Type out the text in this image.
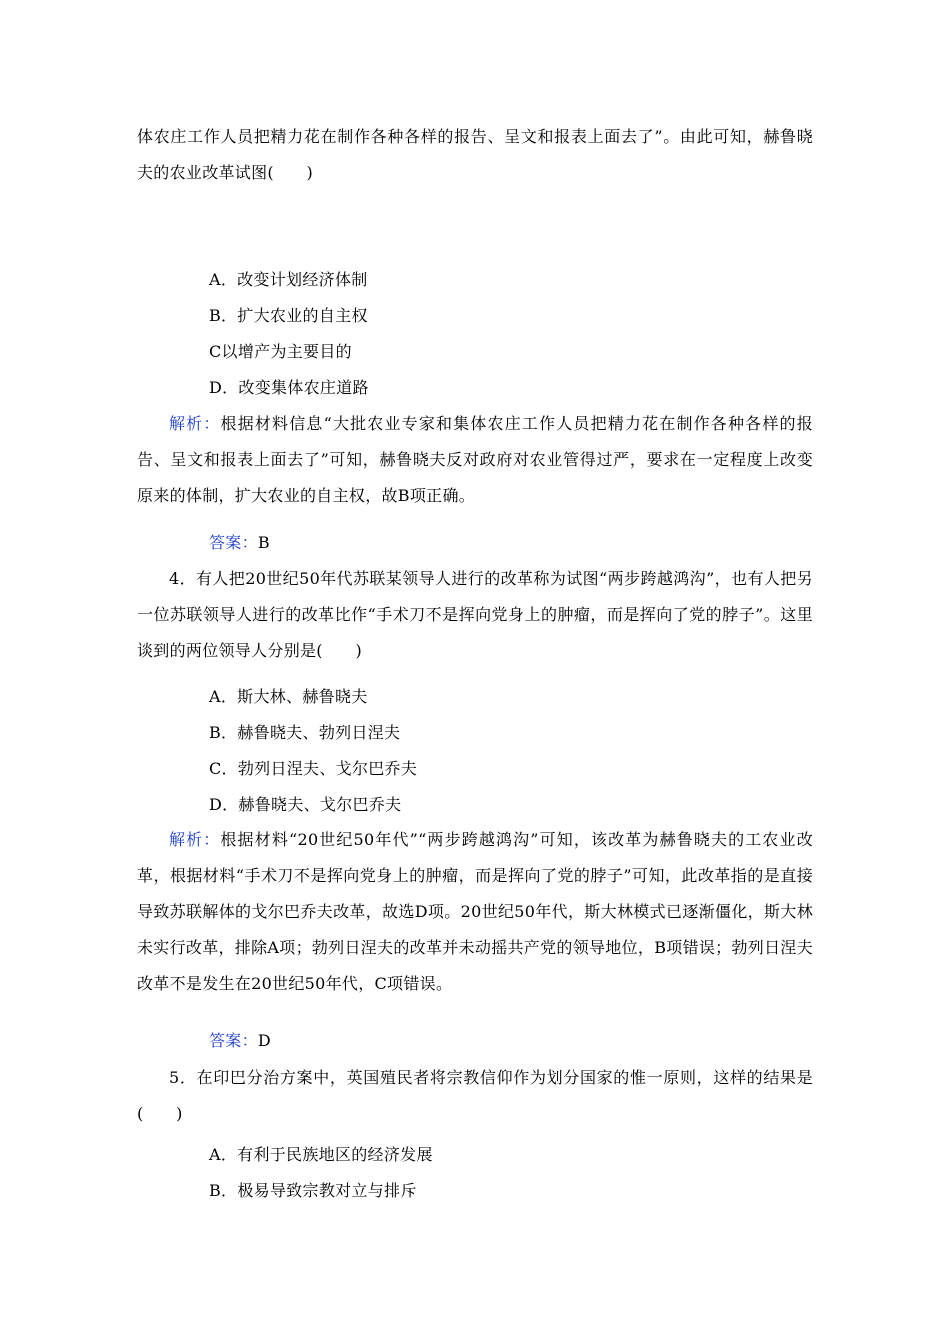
体农庄工作人员把精力花在制作各种各样的报告、呈文和报表上面去了”。由此可知，赫鲁晓夫的农业改革试图(　　)
A．改变计划经济体制
B．扩大农业的自主权
C以增产为主要目的
D．改变集体农庄道路
解析：根据材料信息“大批农业专家和集体农庄工作人员把精力花在制作各种各样的报告、呈文和报表上面去了”可知，赫鲁晓夫反对政府对农业管得过严，要求在一定程度上改变原来的体制，扩大农业的自主权，故B项正确。
答案：B
4．有人把20世纪50年代苏联某领导人进行的改革称为试图“两步跨越鸿沟”，也有人把另一位苏联领导人进行的改革比作“手术刀不是挥向党身上的肿瘤，而是挥向了党的脖子”。这里谈到的两位领导人分别是(　　)
A．斯大林、赫鲁晓夫
B．赫鲁晓夫、勃列日涅夫
C．勃列日涅夫、戈尔巴乔夫
D．赫鲁晓夫、戈尔巴乔夫
解析：根据材料“20世纪50年代”“两步跨越鸿沟”可知，该改革为赫鲁晓夫的工农业改革，根据材料“手术刀不是挥向党身上的肿瘤，而是挥向了党的脖子”可知，此改革指的是直接导致苏联解体的戈尔巴乔夫改革，故选D项。20世纪50年代，斯大林模式已逐渐僵化，斯大林未实行改革，排除A项；勃列日涅夫的改革并未动摇共产党的领导地位，B项错误；勃列日涅夫改革不是发生在20世纪50年代，C项错误。
答案：D
5．在印巴分治方案中，英国殖民者将宗教信仰作为划分国家的惟一原则，这样的结果是(　　)
A．有利于民族地区的经济发展
B．极易导致宗教对立与排斥
